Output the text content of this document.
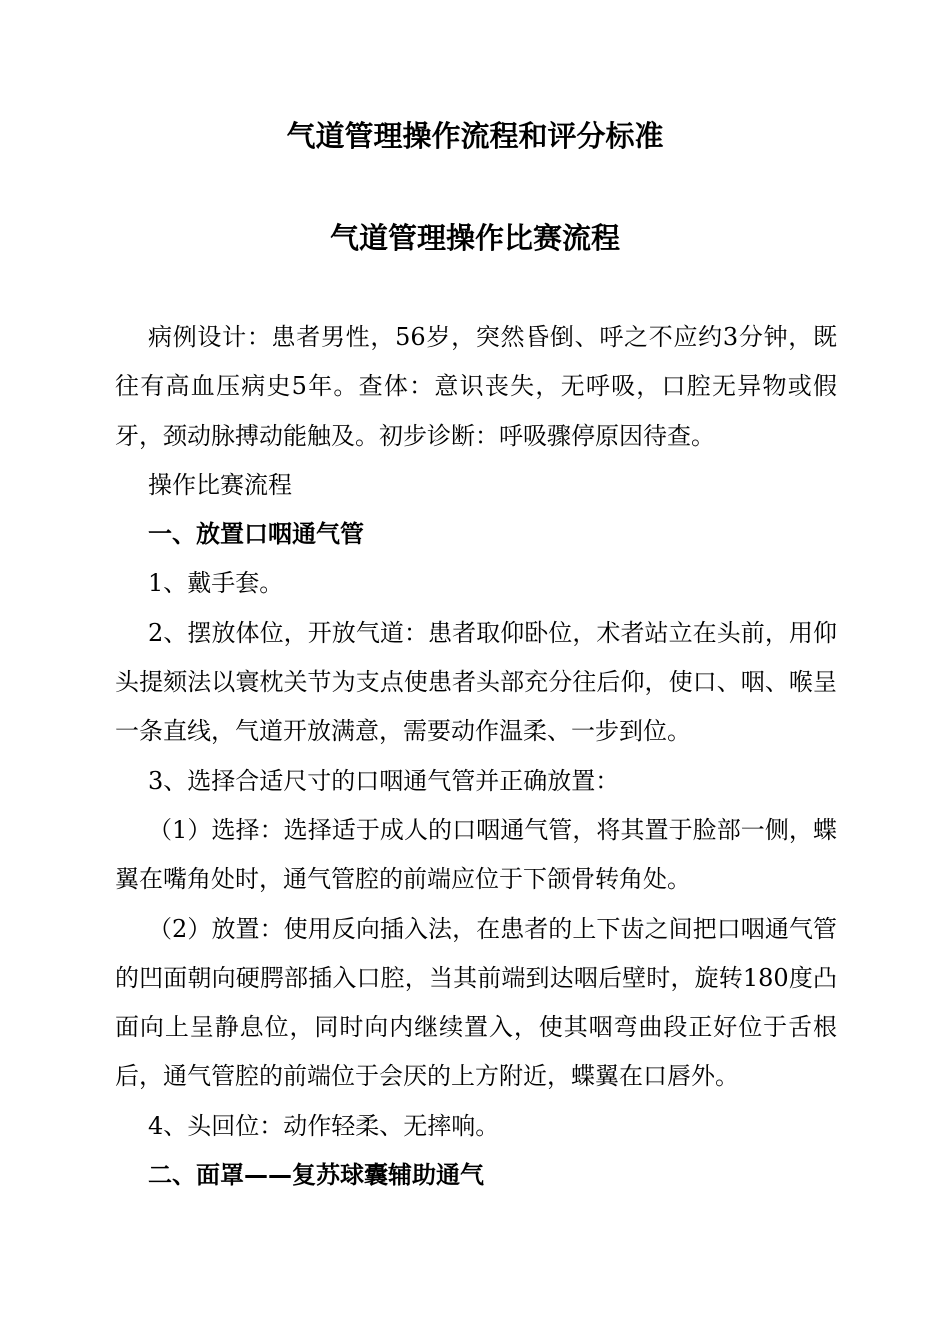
气道管理操作流程和评分标准
气道管理操作比赛流程

病例设计：患者男性，56岁，突然昏倒、呼之不应约3分钟，既往有高血压病史5年。查体：意识丧失，无呼吸，口腔无异物或假牙，颈动脉搏动能触及。初步诊断：呼吸骤停原因待查。

操作比赛流程

一、放置口咽通气管

1、戴手套。

2、摆放体位，开放气道：患者取仰卧位，术者站立在头前，用仰头提颏法以寰枕关节为支点使患者头部充分往后仰，使口、咽、喉呈一条直线，气道开放满意，需要动作温柔、一步到位。

3、选择合适尺寸的口咽通气管并正确放置：

（1）选择：选择适于成人的口咽通气管，将其置于脸部一侧，蝶翼在嘴角处时，通气管腔的前端应位于下颌骨转角处。

（2）放置：使用反向插入法，在患者的上下齿之间把口咽通气管的凹面朝向硬腭部插入口腔，当其前端到达咽后壁时，旋转180度凸面向上呈静息位，同时向内继续置入，使其咽弯曲段正好位于舌根后，通气管腔的前端位于会厌的上方附近，蝶翼在口唇外。

4、头回位：动作轻柔、无摔响。

二、面罩——复苏球囊辅助通气
